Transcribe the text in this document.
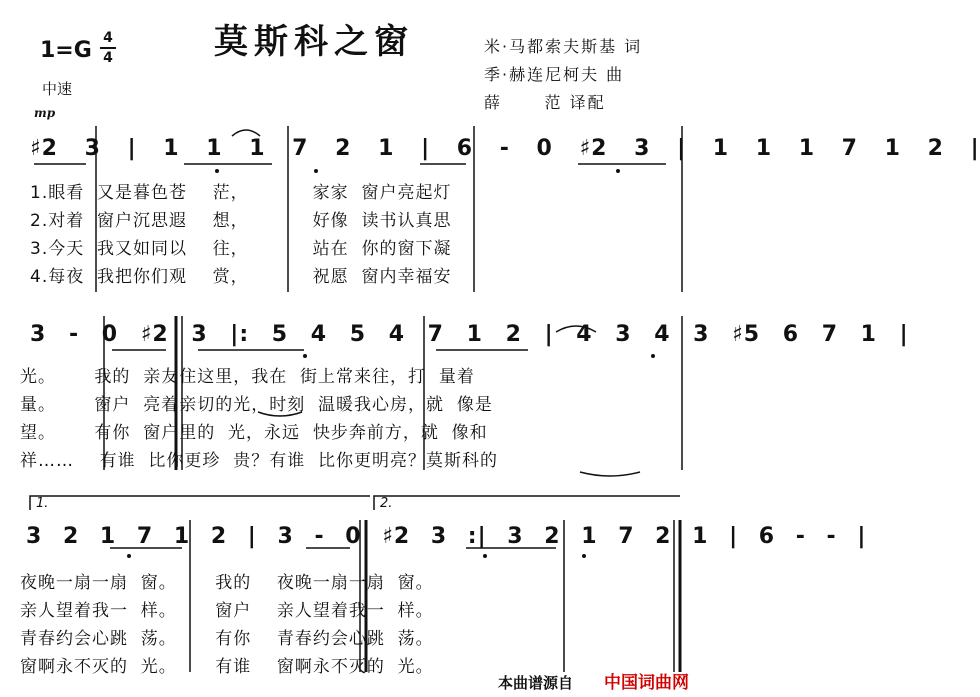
莫斯科之窗
1=G 4
4
中速
mp
米·马都索夫斯基 词
季·赫连尼柯夫 曲
薛      范 译配
♯2 3 | 1 1 1 7 2 1 | 6 - 0 ♯2 3 | 1 1 1 7 1 2 |
1.眼看  又是暮色苍    茫，          家家  窗户亮起灯
2.对着  窗户沉思遐    想，          好像  读书认真思
3.今天  我又如同以    往，          站在  你的窗下凝
4.每夜  我把你们观    赏，          祝愿  窗内幸福安
3 - 0 ♯2 3 |: 5 4 5 4 7 1 2 | 4 3 4 3 ♯5 6 7 1 |
光。      我的  亲友住这里，我在  街上常来往，打  量着
量。      窗户  亮着亲切的光，时刻  温暖我心房，就  像是
望。      有你  窗户里的  光，永远  快步奔前方，就  像和
祥……    有谁  比你更珍  贵？有谁  比你更明亮？莫斯科的
1.	2.
3 2 1 7 1 2 | 3 - 0 ♯2 3 :| 3 2 1 7 2 1 | 6 - - |
夜晚一扇一扇  窗。      我的    夜晚一扇一扇  窗。
亲人望着我一  样。      窗户    亲人望着我一  样。
青春约会心跳  荡。      有你    青春约会心跳  荡。
窗啊永不灭的  光。      有谁    窗啊永不灭的  光。
本曲谱源自 中国词曲网
